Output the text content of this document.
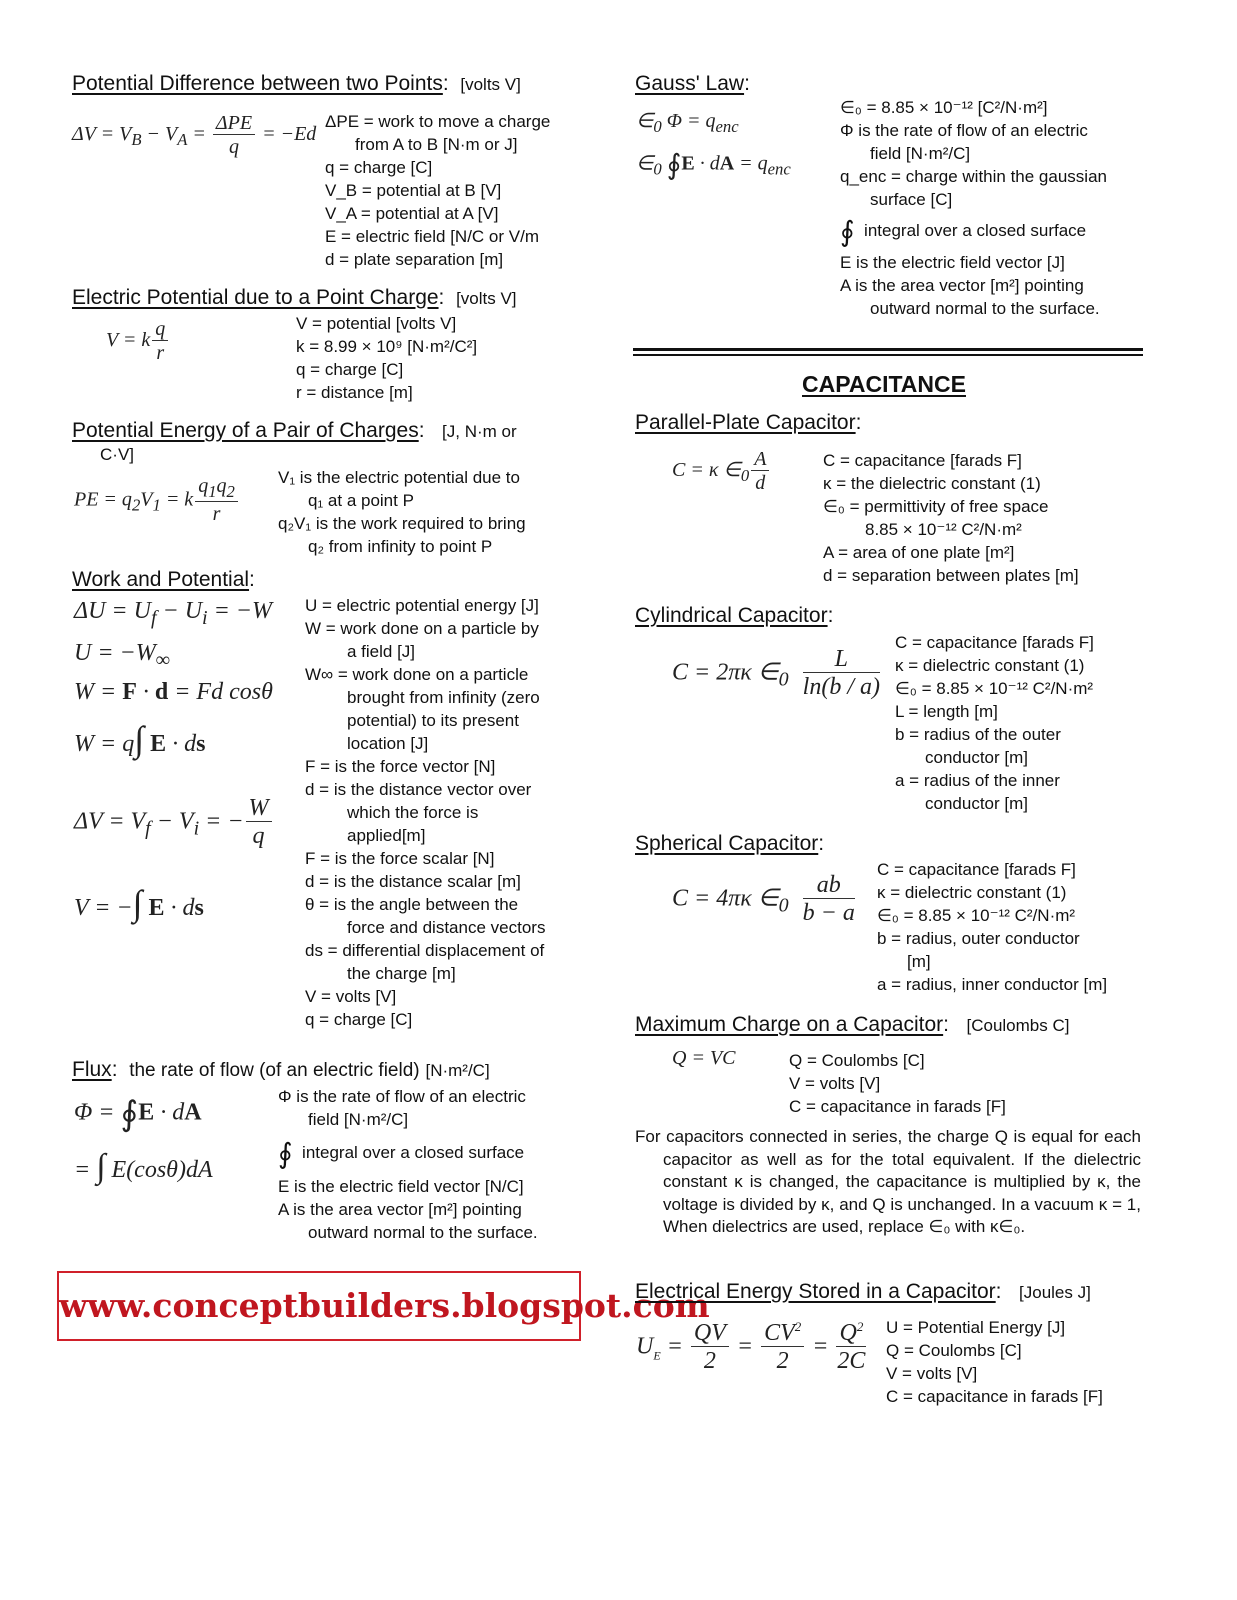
Potential Difference between two Points:  [volts V]
$\Delta V = V_B - V_A = \frac{\text{ΔPE}}{q} = -Ed$
ΔPE = work to move a charge
from A to B [N·m or J]
q = charge [C]
V_B = potential at B [V]
V_A = potential at A [V]
E = electric field [N/C or V/m
d = plate separation [m]
Electric Potential due to a Point Charge:  [volts V]
V = k $\frac{q}{r}$	V = potential [volts V]
k = 8.99 × 10⁹ [N·m²/C²]
q = charge [C]
r = distance [m]
Potential Energy of a Pair of Charges:   [J, N·m or
C·V]
PE = $q_2V_1 = k \frac{q_1q_2}{r} V_1$ is the electric potential due to
q₁ at a point P
q₂V₁ is the work required to bring
q₂ from infinity to point P
Work and Potential:
$\Delta U = U_f - U_i = -W$
$U = -W_\infty$
W = F · d = Fd cosθ
W = q∫ E · ds
$\Delta V = V_f - V_i$ = − $\frac{W}{q}$
V = −∫ E · ds
U = electric potential energy [J]
W = work done on a particle by
a field [J]
W∞ = work done on a particle
brought from infinity (zero
potential) to its present
location [J]
F = is the force vector [N]
d = is the distance vector over
which the force is
applied[m]
F = is the force scalar [N]
d = is the distance scalar [m]
θ = is the angle between the
force and distance vectors
ds = differential displacement of
the charge [m]
V = volts [V]
q = charge [C]
Flux:  the rate of flow (of an electric field) [N·m²/C]
Φ = ∮E · dA
= ∫ E(cosθ)dA
Φ is the rate of flow of an electric
field [N·m²/C]
∮ integral over a closed surface
E is the electric field vector [N/C]
A is the area vector [m²] pointing
outward normal to the surface.
www.conceptbuilders.blogspot.com
Gauss' Law:
$\in_0$ $\Phi = q_{enc}$
$\in_0$ ∮E · dA = $q_{enc}$
∈₀ = 8.85 × 10⁻¹² [C²/N·m²]
Φ is the rate of flow of an electric
field [N·m²/C]
q_enc = charge within the gaussian
surface [C]
∮ integral over a closed surface
E is the electric field vector [J]
A is the area vector [m²] pointing
outward normal to the surface.
CAPACITANCE
Parallel-Plate Capacitor:
C = κ $\in_0 \frac{A}{d}$	C = capacitance [farads F]
κ = the dielectric constant (1)
∈₀ = permittivity of free space
8.85 × 10⁻¹² C²/N·m²
A = area of one plate [m²]
d = separation between plates [m]
Cylindrical Capacitor:
C = 2πκ $\in_0 \frac{L}{\ln(b / a)}$
C = capacitance [farads F]
κ = dielectric constant (1)
∈₀ = 8.85 × 10⁻¹² C²/N·m²
L = length [m]
b = radius of the outer
conductor [m]
a = radius of the inner
conductor [m]
Spherical Capacitor:
C = 4πκ $\in_0 \frac{ab}{b - a}$
C = capacitance [farads F]
κ = dielectric constant (1)
∈₀ = 8.85 × 10⁻¹² C²/N·m²
b = radius, outer conductor
[m]
a = radius, inner conductor [m]
Maximum Charge on a Capacitor:   [Coulombs C]
Q = VC	Q = Coulombs [C]
V = volts [V]
C = capacitance in farads [F]
For capacitors connected in series, the charge Q is equal for each capacitor as well as for the total equivalent. If the dielectric constant κ is changed, the capacitance is multiplied by κ, the voltage is divided by κ, and Q is unchanged. In a vacuum κ = 1, When dielectrics are used, replace ∈₀ with κ∈₀.
Electrical Energy Stored in a Capacitor:   [Joules J]
$U_E = \frac{QV}{2} = \frac{CV^2}{2} = \frac{Q^2}{2C}$ U = Potential Energy [J]
Q = Coulombs [C]
V = volts [V]
C = capacitance in farads [F]
